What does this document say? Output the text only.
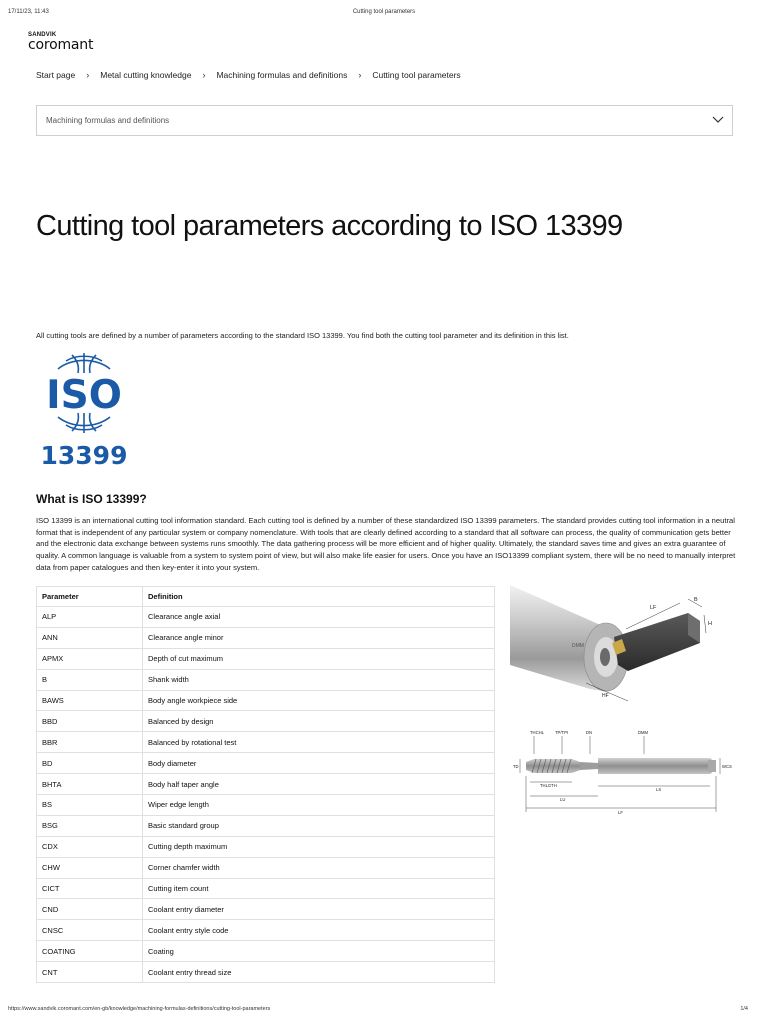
17/11/23, 11:43	Cutting tool parameters
SANDVIK
coromant
Start page › Metal cutting knowledge › Machining formulas and definitions › Cutting tool parameters
Machining formulas and definitions
Cutting tool parameters according to ISO 13399

All cutting tools are defined by a number of parameters according to the standard ISO 13399. You find both the cutting tool parameter and its definition in this list.

ISO
13399
What is ISO 13399?

ISO 13399 is an international cutting tool information standard. Each cutting tool is defined by a number of these standardized ISO 13399 parameters. The standard provides cutting tool information in a neutral format that is independent of any particular system or company nomenclature. With tools that are clearly defined according to a standard that all software can process, the quality of communication gets better and the electronic data exchange between systems runs smoothly. The data gathering process will be more efficient and of higher quality. Ultimately, the standard saves time and gives an extra guarantee of quality. A common language is valuable from a system to system point of view, but will also make life easier for users. Once you have an ISO13399 compliant system, there will be no need to manually interpret data from paper catalogues and then key-enter it into your system.

Parameter	Definition
ALP	Clearance angle axial
ANN	Clearance angle minor
APMX	Depth of cut maximum
B	Shank width
BAWS	Body angle workpiece side
BBD	Balanced by design
BBR	Balanced by rotational test
BD	Body diameter
BHTA	Body half taper angle
BS	Wiper edge length
BSG	Basic standard group
CDX	Cutting depth maximum
CHW	Corner chamfer width
CICT	Cutting item count
CND	Coolant entry diameter
CNSC	Coolant entry style code
COATING	Coating
CNT	Coolant entry thread size
LF
B
H
DMM
HF
THCHL	TP/TPI	DN	DMM
TD	WCS
THLGTH
LU
LS
LF
https://www.sandvik.coromant.com/en-gb/knowledge/machining-formulas-definitions/cutting-tool-parameters	1/4
